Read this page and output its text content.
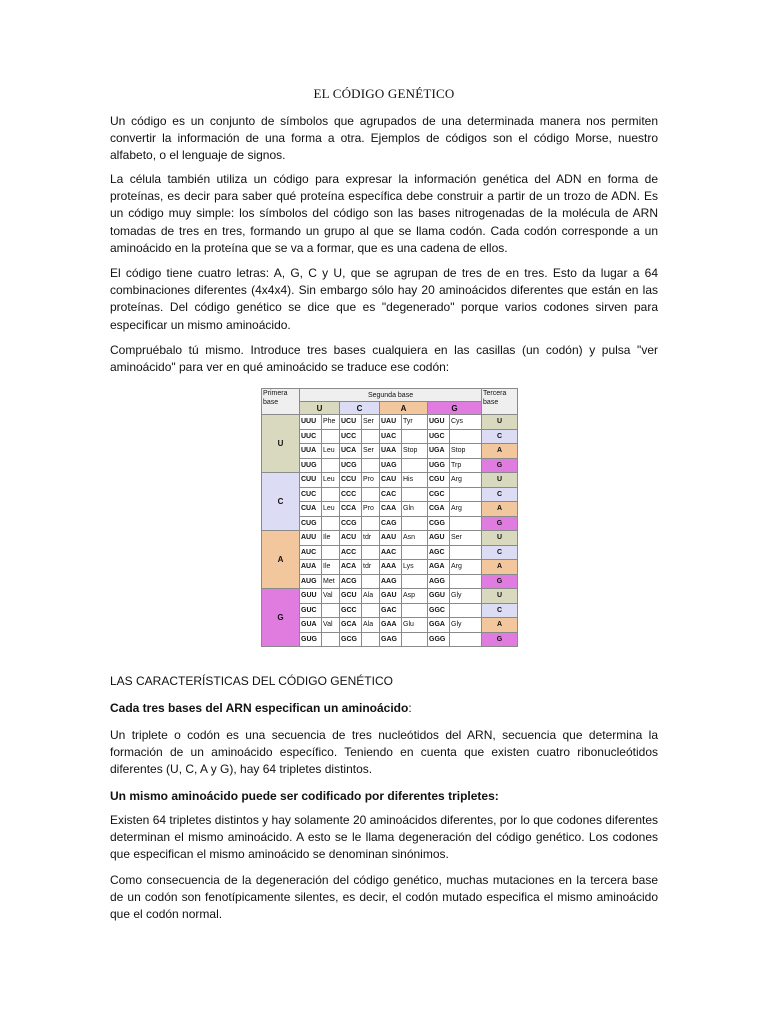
EL CÓDIGO GENÉTICO

Un código es un conjunto de símbolos que agrupados de una determinada manera nos permiten convertir la información de una forma a otra. Ejemplos de códigos son el código Morse, nuestro alfabeto, o el lenguaje de signos.

La célula también utiliza un código para expresar la información genética del ADN en forma de proteínas, es decir para saber qué proteína específica debe construir a partir de un trozo de ADN. Es un código muy simple: los símbolos del código son las bases nitrogenadas de la molécula de ARN tomadas de tres en tres, formando un grupo al que se llama codón. Cada codón corresponde a un aminoácido en la proteína que se va a formar, que es una cadena de ellos.

El código tiene cuatro letras: A, G, C y U, que se agrupan de tres de en tres. Esto da lugar a 64 combinaciones diferentes (4x4x4). Sin embargo sólo hay 20 aminoácidos diferentes que están en las proteínas. Del código genético se dice que es "degenerado" porque varios codones sirven para especificar un mismo aminoácido.

Compruébalo tú mismo. Introduce tres bases cualquiera en las casillas (un codón) y pulsa "ver aminoácido" para ver en qué aminoácido se traduce ese codón:

LAS CARACTERÍSTICAS DEL CÓDIGO GENÉTICO

Cada tres bases del ARN especifican un aminoácido:

Un triplete o codón es una secuencia de tres nucleótidos del ARN, secuencia que determina la formación de un aminoácido específico. Teniendo en cuenta que existen cuatro ribonucleótidos diferentes (U, C, A y G), hay 64 tripletes distintos.

Un mismo aminoácido puede ser codificado por diferentes tripletes:

Existen 64 tripletes distintos y hay solamente 20 aminoácidos diferentes, por lo que codones diferentes determinan el mismo aminoácido. A esto se le llama degeneración del código genético. Los codones que especifican el mismo aminoácido se denominan sinónimos.

Como consecuencia de la degeneración del código genético, muchas mutaciones en la tercera base de un codón son fenotípicamente silentes, es decir, el codón mutado especifica el mismo aminoácido que el codón normal.

Primera base	Segunda base								Tercera base
	U		C		A		G		
U	UUU	Phe	UCU	Ser	UAU	Tyr	UGU	Cys	U
	UUC		UCC		UAC		UGC		C
	UUA	Leu	UCA	Ser	UAA	Stop	UGA	Stop	A
	UUG		UCG		UAG		UGG	Trp	G
C	CUU	Leu	CCU	Pro	CAU	His	CGU	Arg	U
	CUC		CCC		CAC		CGC		C
	CUA	Leu	CCA	Pro	CAA	Gln	CGA	Arg	A
	CUG		CCG		CAG		CGG		G
A	AUU	Ile	ACU	tdr	AAU	Asn	AGU	Ser	U
	AUC		ACC		AAC		AGC		C
	AUA	Ile	ACA	tdr	AAA	Lys	AGA	Arg	A
	AUG	Met	ACG		AAG		AGG		G
G	GUU	Val	GCU	Ala	GAU	Asp	GGU	Gly	U
	GUC		GCC		GAC		GGC		C
	GUA	Val	GCA	Ala	GAA	Glu	GGA	Gly	A
	GUG		GCG		GAG		GGG		G
